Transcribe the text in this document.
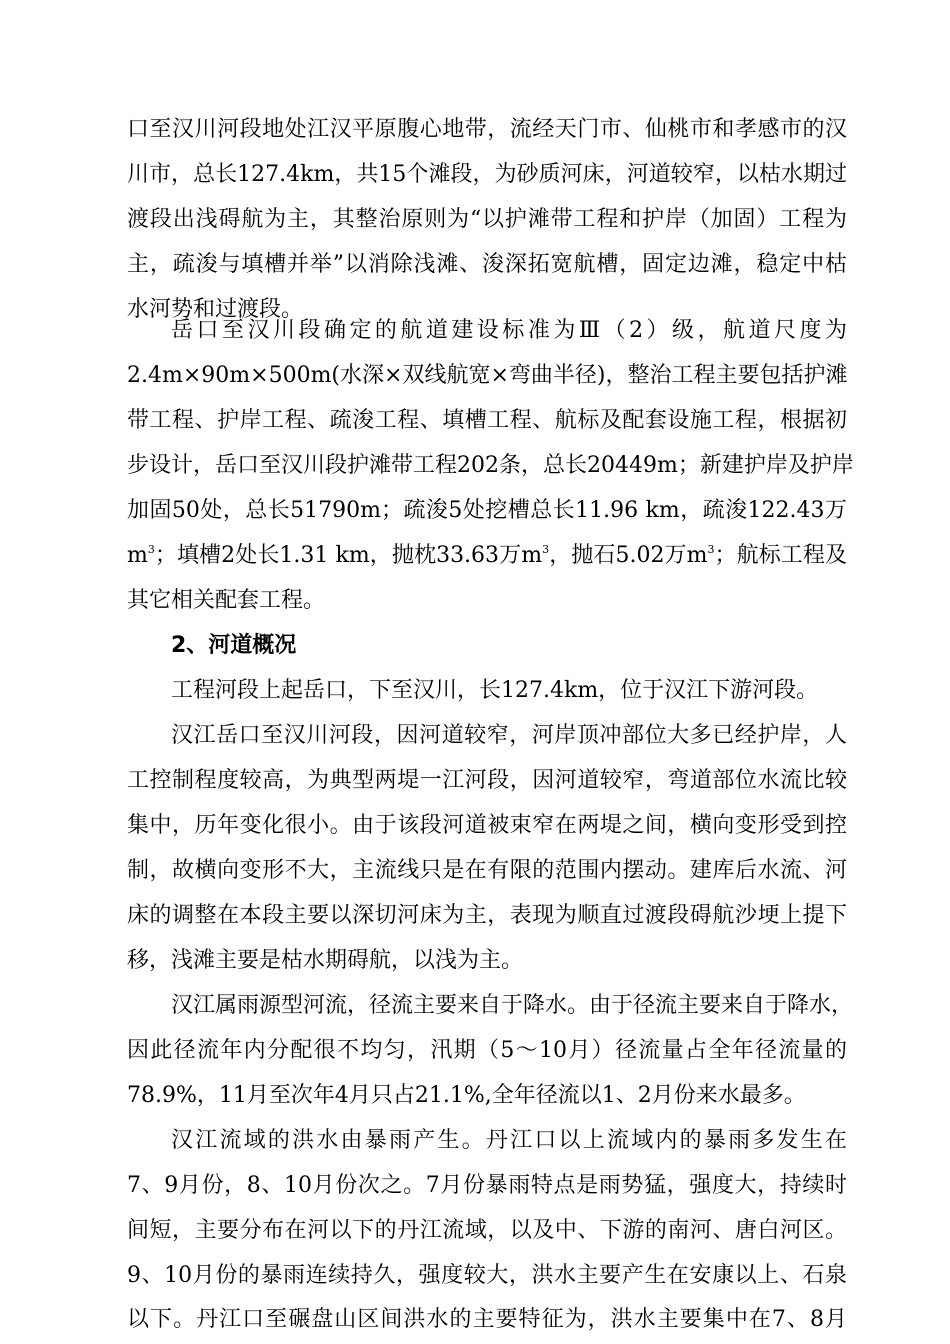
口至汉川河段地处江汉平原腹心地带，流经天门市、仙桃市和孝感市的汉
川市，总长127.4km，共15个滩段，为砂质河床，河道较窄，以枯水期过
渡段出浅碍航为主，其整治原则为“以护滩带工程和护岸（加固）工程为
主，疏浚与填槽并举”以消除浅滩、浚深拓宽航槽，固定边滩，稳定中枯
水河势和过渡段。
岳口至汉川段确定的航道建设标准为Ⅲ（2）级，航道尺度为
2.4m×90m×500m(水深×双线航宽×弯曲半径)，整治工程主要包括护滩
带工程、护岸工程、疏浚工程、填槽工程、航标及配套设施工程，根据初
步设计，岳口至汉川段护滩带工程202条，总长20449m；新建护岸及护岸
加固50处，总长51790m；疏浚5处挖槽总长11.96 km，疏浚122.43万
$m^3$；填槽2处长1.31 km，抛枕33.63万$m^3$，抛石5.02万$m^3$；航标工程及
其它相关配套工程。
2、河道概况
工程河段上起岳口，下至汉川，长127.4km，位于汉江下游河段。
汉江岳口至汉川河段，因河道较窄，河岸顶冲部位大多已经护岸，人
工控制程度较高，为典型两堤一江河段，因河道较窄，弯道部位水流比较
集中，历年变化很小。由于该段河道被束窄在两堤之间，横向变形受到控
制，故横向变形不大，主流线只是在有限的范围内摆动。建库后水流、河
床的调整在本段主要以深切河床为主，表现为顺直过渡段碍航沙埂上提下
移，浅滩主要是枯水期碍航，以浅为主。
汉江属雨源型河流，径流主要来自于降水。由于径流主要来自于降水，
因此径流年内分配很不均匀，汛期（5～10月）径流量占全年径流量的
78.9%，11月至次年4月只占21.1%,全年径流以1、2月份来水最多。
汉江流域的洪水由暴雨产生。丹江口以上流域内的暴雨多发生在
7、9月份，8、10月份次之。7月份暴雨特点是雨势猛，强度大，持续时
间短，主要分布在河以下的丹江流域，以及中、下游的南河、唐白河区。
9、10月份的暴雨连续持久，强度较大，洪水主要产生在安康以上、石泉
以下。丹江口至碾盘山区间洪水的主要特征为，洪水主要集中在7、8月
